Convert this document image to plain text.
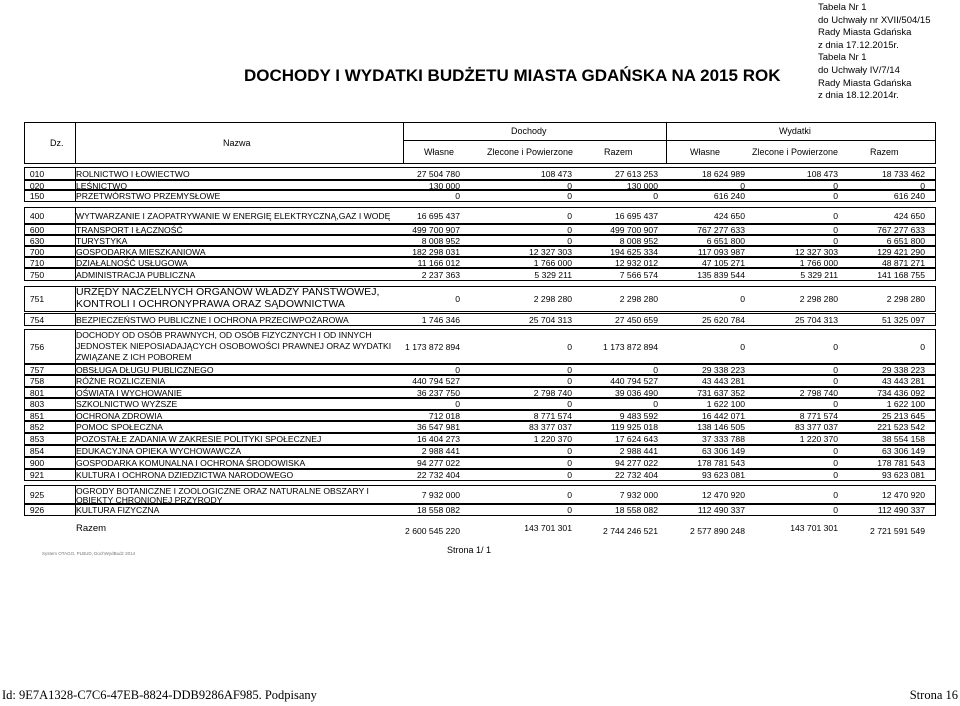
Tabela Nr 1
do Uchwały nr XVII/504/15
Rady Miasta Gdańska
z dnia 17.12.2015r.
Tabela Nr 1
do Uchwały IV/7/14
Rady Miasta Gdańska
z dnia 18.12.2014r.
DOCHODY I WYDATKI BUDŻETU MIASTA GDAŃSKA NA 2015 ROK
Dz.	Nazwa
Dochody	Wydatki
Własne	Zlecone i Powierzone	Razem	Własne	Zlecone i Powierzone	Razem
010	ROLNICTWO I ŁOWIECTWO	27 504 780	108 473	27 613 253	18 624 989	108 473	18 733 462
020	LEŚNICTWO	130 000	0	130 000	0	0	0
150	PRZETWÓRSTWO PRZEMYSŁOWE	0	0	0	616 240	0	616 240
400	WYTWARZANIE I ZAOPATRYWANIE W ENERGIĘ ELEKTRYCZNĄ,GAZ I WODĘ	16 695 437	0	16 695 437	424 650	0	424 650
600	TRANSPORT I ŁĄCZNOŚĆ	499 700 907	0	499 700 907	767 277 633	0	767 277 633
630	TURYSTYKA	8 008 952	0	8 008 952	6 651 800	0	6 651 800
700	GOSPODARKA MIESZKANIOWA	182 298 031	12 327 303	194 625 334	117 093 987	12 327 303	129 421 290
710	DZIAŁALNOŚĆ USŁUGOWA	11 166 012	1 766 000	12 932 012	47 105 271	1 766 000	48 871 271
750	ADMINISTRACJA PUBLICZNA	2 237 363	5 329 211	7 566 574	135 839 544	5 329 211	141 168 755
751
URZĘDY NACZELNYCH ORGANÓW WŁADZY PAŃSTWOWEJ,
KONTROLI I OCHRONYPRAWA ORAZ SĄDOWNICTWA	0	2 298 280	2 298 280	0	2 298 280	2 298 280
754	BEZPIECZEŃSTWO PUBLICZNE I OCHRONA PRZECIWPOŻAROWA	1 746 346	25 704 313	27 450 659	25 620 784	25 704 313	51 325 097
756
DOCHODY OD OSÓB PRAWNYCH, OD OSÓB FIZYCZNYCH I OD INNYCH
JEDNOSTEK NIEPOSIADAJĄCYCH OSOBOWOŚCI PRAWNEJ ORAZ WYDATKI
ZWIĄZANE Z ICH POBOREM
1 173 872 894	0	1 173 872 894	0	0	0
757	OBSŁUGA DŁUGU PUBLICZNEGO	0	0	0	29 338 223	0	29 338 223
758	RÓŻNE ROZLICZENIA	440 794 527	0	440 794 527	43 443 281	0	43 443 281
801	OŚWIATA I WYCHOWANIE	36 237 750	2 798 740	39 036 490	731 637 352	2 798 740	734 436 092
803	SZKOLNICTWO WYŻSZE	0	0	0	1 622 100	0	1 622 100
851	OCHRONA ZDROWIA	712 018	8 771 574	9 483 592	16 442 071	8 771 574	25 213 645
852	POMOC SPOŁECZNA	36 547 981	83 377 037	119 925 018	138 146 505	83 377 037	221 523 542
853	POZOSTAŁE ZADANIA W ZAKRESIE POLITYKI SPOŁECZNEJ	16 404 273	1 220 370	17 624 643	37 333 788	1 220 370	38 554 158
854	EDUKACYJNA OPIEKA WYCHOWAWCZA	2 988 441	0	2 988 441	63 306 149	0	63 306 149
900	GOSPODARKA KOMUNALNA I OCHRONA ŚRODOWISKA	94 277 022	0	94 277 022	178 781 543	0	178 781 543
921	KULTURA I OCHRONA DZIEDZICTWA NARODOWEGO	22 732 404	0	22 732 404	93 623 081	0	93 623 081
925	OGRODY BOTANICZNE I ZOOLOGICZNE ORAZ NATURALNE OBSZARY I
OBIEKTY CHRONIONEJ PRZYRODY	7 932 000	0	7 932 000	12 470 920	0	12 470 920
926	KULTURA FIZYCZNA	18 558 082	0	18 558 082	112 490 337	0	112 490 337
Razem	2 600 545 220	143 701 301	2 744 246 521	2 577 890 248	143 701 301	2 721 591 549
System OTAGO, PLBUD, DochWydBudz 2014	Strona 1/ 1
Id: 9E7A1328-C7C6-47EB-8824-DDB9286AF985. Podpisany	Strona 16
